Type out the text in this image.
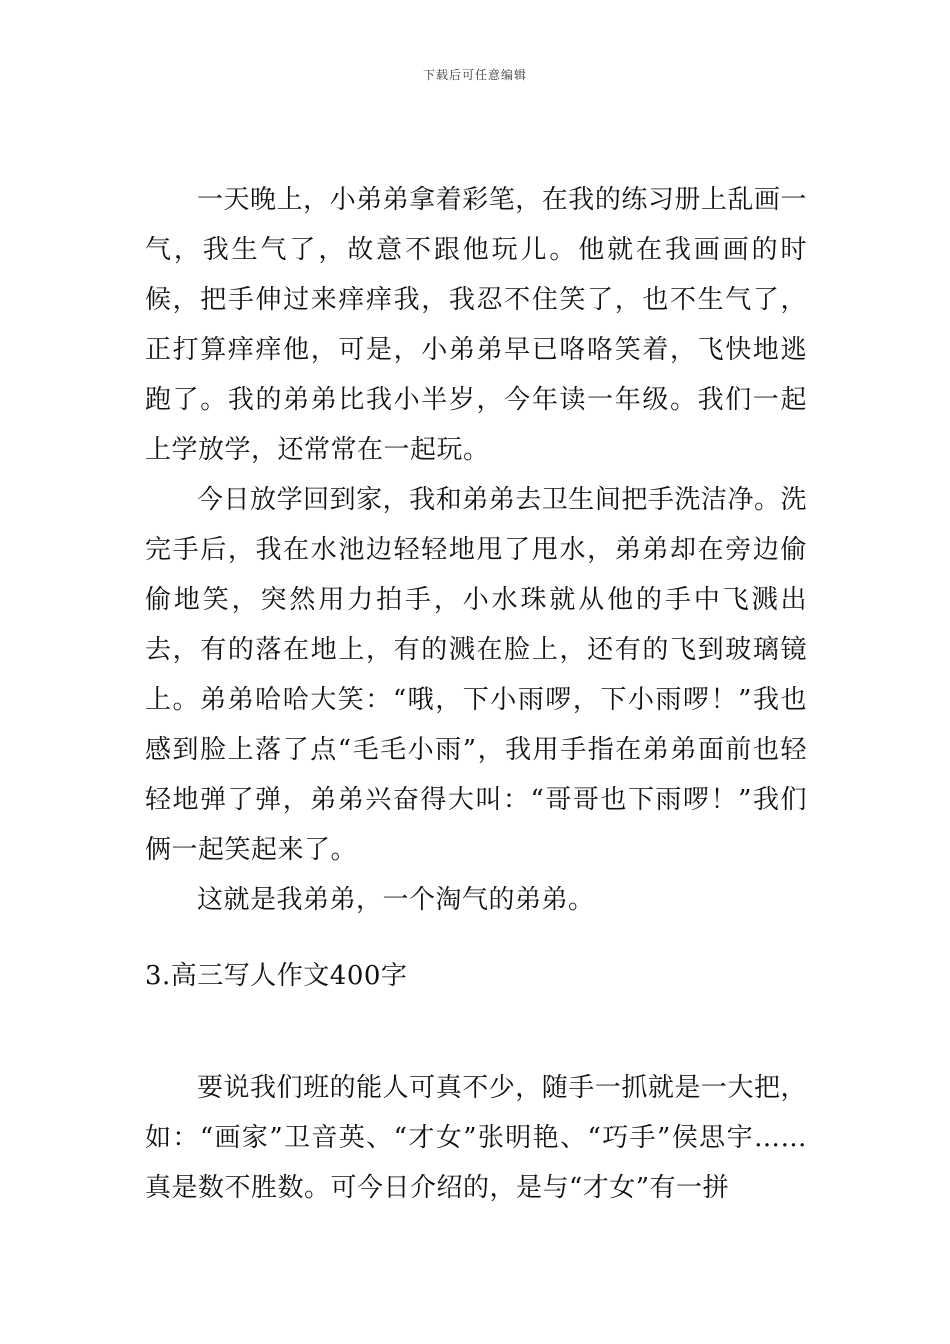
下载后可任意编辑

一天晚上，小弟弟拿着彩笔，在我的练习册上乱画一气，我生气了，故意不跟他玩儿。他就在我画画的时候，把手伸过来痒痒我，我忍不住笑了，也不生气了，正打算痒痒他，可是，小弟弟早已咯咯笑着，飞快地逃跑了。我的弟弟比我小半岁，今年读一年级。我们一起上学放学，还常常在一起玩。

今日放学回到家，我和弟弟去卫生间把手洗洁净。洗完手后，我在水池边轻轻地甩了甩水，弟弟却在旁边偷偷地笑，突然用力拍手，小水珠就从他的手中飞溅出去，有的落在地上，有的溅在脸上，还有的飞到玻璃镜上。弟弟哈哈大笑：“哦，下小雨啰，下小雨啰！”我也感到脸上落了点“毛毛小雨”，我用手指在弟弟面前也轻轻地弹了弹，弟弟兴奋得大叫：“哥哥也下雨啰！”我们俩一起笑起来了。

这就是我弟弟，一个淘气的弟弟。

3.高三写人作文400字

要说我们班的能人可真不少，随手一抓就是一大把，如：“画家”卫音英、“才女”张明艳、“巧手”侯思宇……真是数不胜数。可今日介绍的，是与“才女”有一拼
